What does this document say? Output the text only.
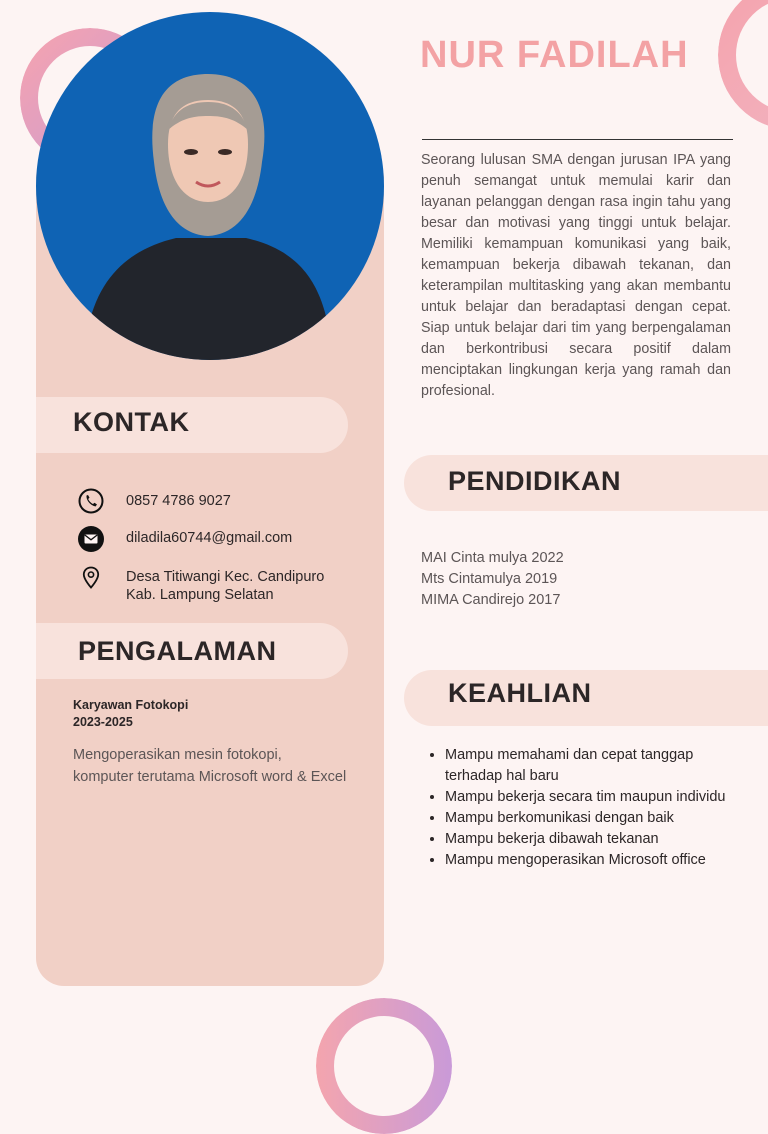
NUR FADILAH
Seorang lulusan SMA dengan jurusan IPA yang penuh semangat untuk memulai karir dan layanan pelanggan dengan rasa ingin tahu yang besar dan motivasi yang tinggi untuk belajar. Memiliki kemampuan komunikasi yang baik, kemampuan bekerja dibawah tekanan, dan keterampilan multitasking yang akan membantu untuk belajar dan beradaptasi dengan cepat. Siap untuk belajar dari tim yang berpengalaman dan berkontribusi secara positif dalam menciptakan lingkungan kerja yang ramah dan profesional.
KONTAK
0857 4786 9027
diladila60744@gmail.com
Desa Titiwangi Kec. Candipuro
Kab. Lampung Selatan
PENGALAMAN
Karyawan Fotokopi
2023-2025
Mengoperasikan mesin fotokopi,
komputer terutama Microsoft word & Excel
PENDIDIKAN
MAI Cinta mulya 2022
Mts Cintamulya 2019
MIMA Candirejo 2017
KEAHLIAN
• Mampu memahami dan cepat tanggap terhadap hal baru
• Mampu bekerja secara tim maupun individu
• Mampu berkomunikasi dengan baik
• Mampu bekerja dibawah tekanan
• Mampu mengoperasikan Microsoft office
